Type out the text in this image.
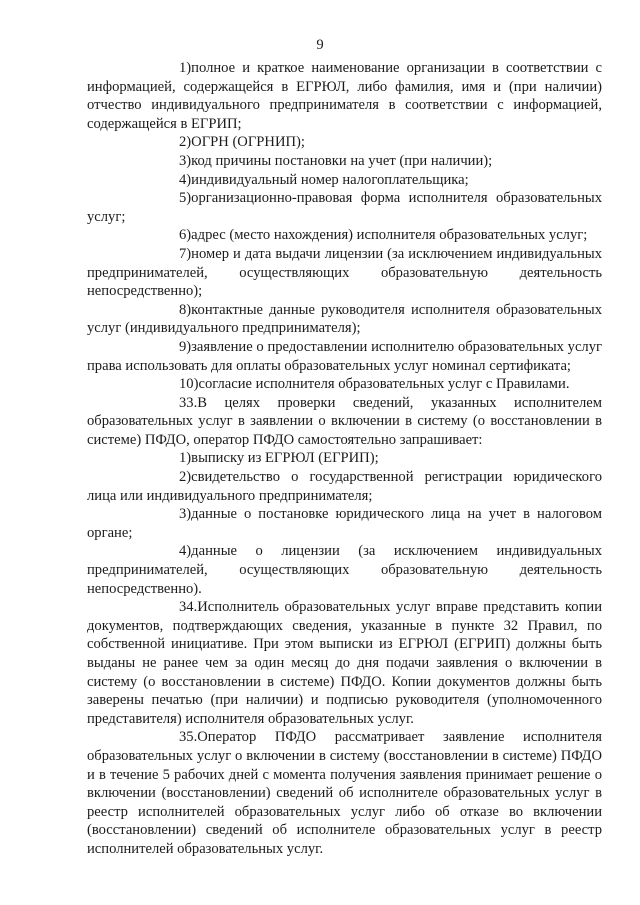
9

1)полное и краткое наименование организации в соответствии с информацией, содержащейся в ЕГРЮЛ, либо фамилия, имя и (при наличии) отчество индивидуального предпринимателя в соответствии с информацией, содержащейся в ЕГРИП;

2)ОГРН (ОГРНИП);

3)код причины постановки на учет (при наличии);

4)индивидуальный номер налогоплательщика;

5)организационно-правовая форма исполнителя образовательных услуг;

6)адрес (место нахождения) исполнителя образовательных услуг;

7)номер и дата выдачи лицензии (за исключением индивидуальных предпринимателей, осуществляющих образовательную деятельность непосредственно);

8)контактные данные руководителя исполнителя образовательных услуг (индивидуального предпринимателя);

9)заявление о предоставлении исполнителю образовательных услуг права использовать для оплаты образовательных услуг номинал сертификата;

10)согласие исполнителя образовательных услуг с Правилами.

33.В целях проверки сведений, указанных исполнителем образовательных услуг в заявлении о включении в систему (о восстановлении в системе) ПФДО, оператор ПФДО самостоятельно запрашивает:

1)выписку из ЕГРЮЛ (ЕГРИП);

2)свидетельство о государственной регистрации юридического лица или индивидуального предпринимателя;

3)данные о постановке юридического лица на учет в налоговом органе;

4)данные о лицензии (за исключением индивидуальных предпринимателей, осуществляющих образовательную деятельность непосредственно).

34.Исполнитель образовательных услуг вправе представить копии документов, подтверждающих сведения, указанные в пункте 32 Правил, по собственной инициативе. При этом выписки из ЕГРЮЛ (ЕГРИП) должны быть выданы не ранее чем за один месяц до дня подачи заявления о включении в систему (о восстановлении в системе) ПФДО. Копии документов должны быть заверены печатью (при наличии) и подписью руководителя (уполномоченного представителя) исполнителя образовательных услуг.

35.Оператор ПФДО рассматривает заявление исполнителя образовательных услуг о включении в систему (восстановлении в системе) ПФДО и в течение 5 рабочих дней с момента получения заявления принимает решение о включении (восстановлении) сведений об исполнителе образовательных услуг в реестр исполнителей образовательных услуг либо об отказе во включении (восстановлении) сведений об исполнителе образовательных услуг в реестр исполнителей образовательных услуг.
